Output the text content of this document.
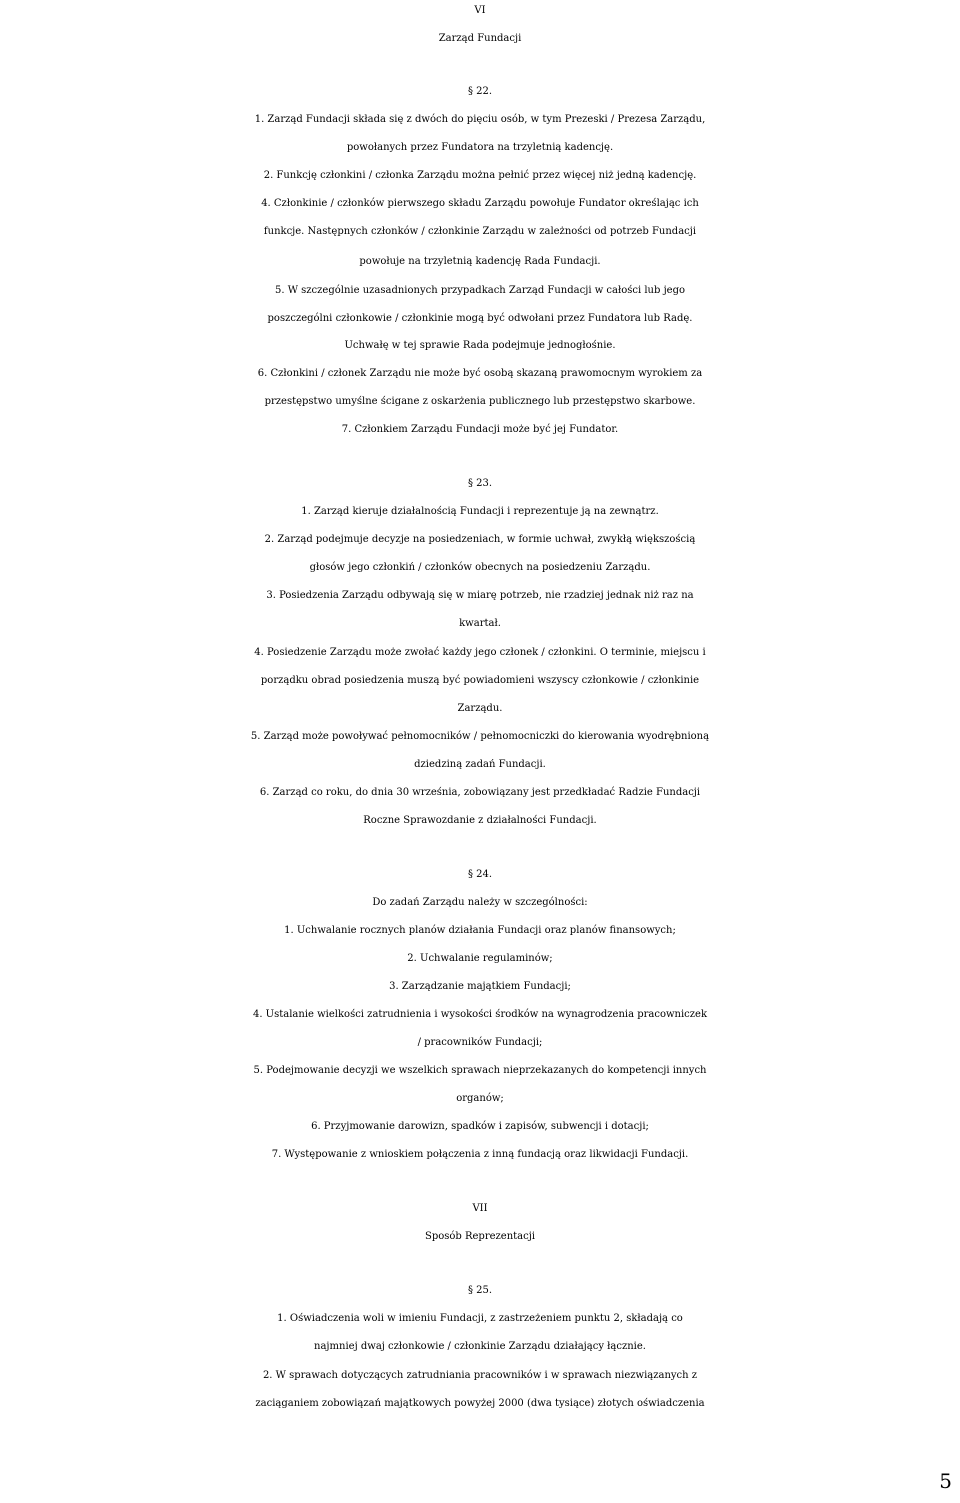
VI
Zarząd Fundacji
§ 22.
1. Zarząd Fundacji składa się z dwóch do pięciu osób, w tym Prezeski / Prezesa Zarządu,
powołanych przez Fundatora na trzyletnią kadencję.
2. Funkcję członkini / członka Zarządu można pełnić przez więcej niż jedną kadencję.
4. Członkinie / członków pierwszego składu Zarządu powołuje Fundator określając ich
funkcje. Następnych członków / członkinie Zarządu w zależności od potrzeb Fundacji
powołuje na trzyletnią kadencję Rada Fundacji.
5. W szczególnie uzasadnionych przypadkach Zarząd Fundacji w całości lub jego
poszczególni członkowie / członkinie mogą być odwołani przez Fundatora lub Radę.
Uchwałę w tej sprawie Rada podejmuje jednogłośnie.
6. Członkini / członek Zarządu nie może być osobą skazaną prawomocnym wyrokiem za
przestępstwo umyślne ścigane z oskarżenia publicznego lub przestępstwo skarbowe.
7. Członkiem Zarządu Fundacji może być jej Fundator.
§ 23.
1. Zarząd kieruje działalnością Fundacji i reprezentuje ją na zewnątrz.
2. Zarząd podejmuje decyzje na posiedzeniach, w formie uchwał, zwykłą większością
głosów jego członkiń / członków obecnych na posiedzeniu Zarządu.
3. Posiedzenia Zarządu odbywają się w miarę potrzeb, nie rzadziej jednak niż raz na
kwartał.
4. Posiedzenie Zarządu może zwołać każdy jego członek / członkini. O terminie, miejscu i
porządku obrad posiedzenia muszą być powiadomieni wszyscy członkowie / członkinie
Zarządu.
5. Zarząd może powoływać pełnomocników / pełnomocniczki do kierowania wyodrębnioną
dziedziną zadań Fundacji.
6. Zarząd co roku, do dnia 30 września, zobowiązany jest przedkładać Radzie Fundacji
Roczne Sprawozdanie z działalności Fundacji.
§ 24.
Do zadań Zarządu należy w szczególności:
1. Uchwalanie rocznych planów działania Fundacji oraz planów finansowych;
2. Uchwalanie regulaminów;
3. Zarządzanie majątkiem Fundacji;
4. Ustalanie wielkości zatrudnienia i wysokości środków na wynagrodzenia pracowniczek
/ pracowników Fundacji;
5. Podejmowanie decyzji we wszelkich sprawach nieprzekazanych do kompetencji innych
organów;
6. Przyjmowanie darowizn, spadków i zapisów, subwencji i dotacji;
7. Występowanie z wnioskiem połączenia z inną fundacją oraz likwidacji Fundacji.
VII
Sposób Reprezentacji
§ 25.
1. Oświadczenia woli w imieniu Fundacji, z zastrzeżeniem punktu 2, składają co
najmniej dwaj członkowie / członkinie Zarządu działający łącznie.
2. W sprawach dotyczących zatrudniania pracowników i w sprawach niezwiązanych z
zaciąganiem zobowiązań majątkowych powyżej 2000 (dwa tysiące) złotych oświadczenia
5
